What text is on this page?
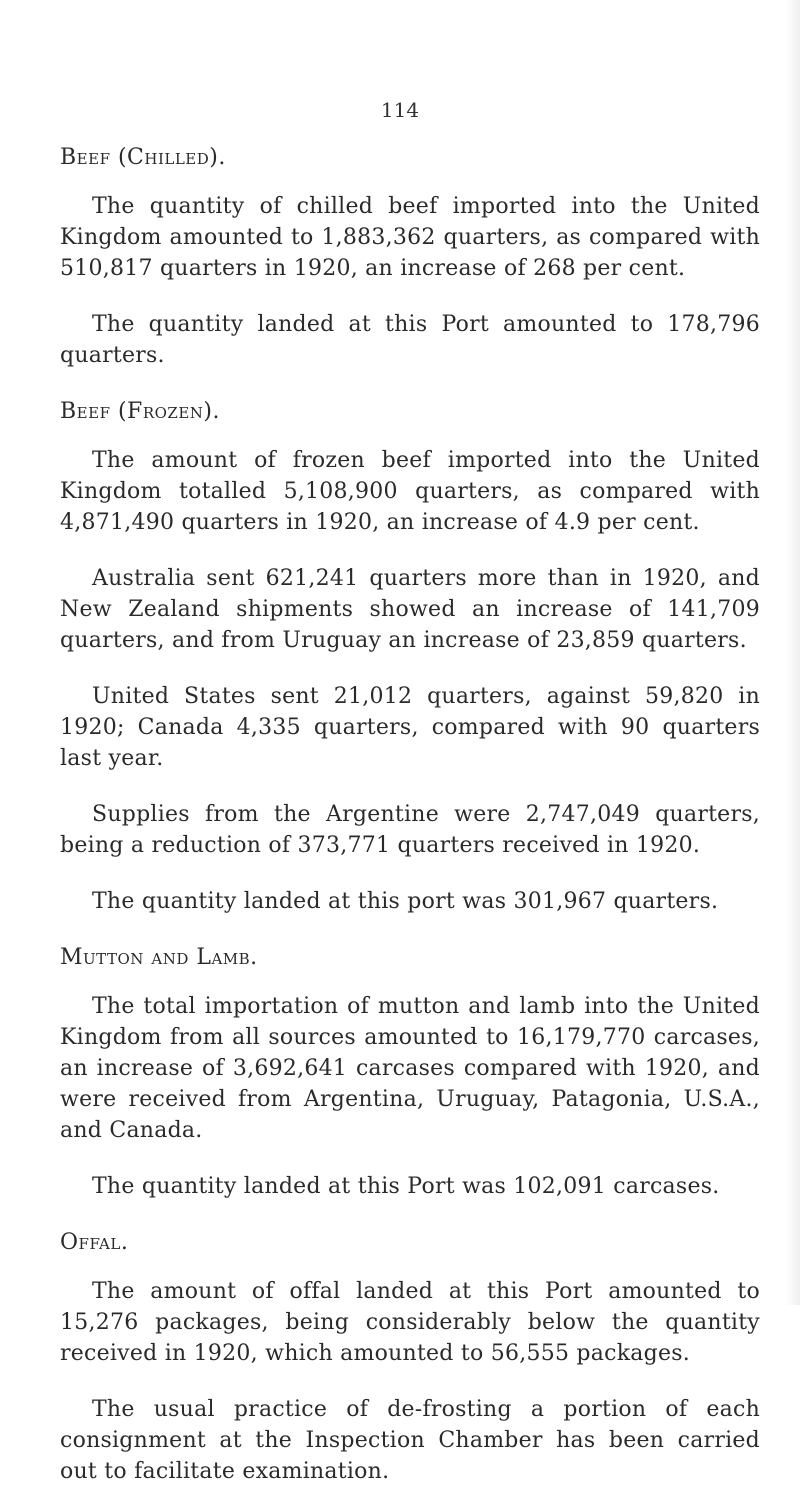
114
Beef (Chilled).

The quantity of chilled beef imported into the United Kingdom amounted to 1,883,362 quarters, as compared with 510,817 quarters in 1920, an increase of 268 per cent.

The quantity landed at this Port amounted to 178,796 quarters.

Beef (Frozen).

The amount of frozen beef imported into the United Kingdom totalled 5,108,900 quarters, as compared with 4,871,490 quarters in 1920, an increase of 4.9 per cent.

Australia sent 621,241 quarters more than in 1920, and New Zealand shipments showed an increase of 141,709 quarters, and from Uruguay an increase of 23,859 quarters.

United States sent 21,012 quarters, against 59,820 in 1920; Canada 4,335 quarters, compared with 90 quarters last year.

Supplies from the Argentine were 2,747,049 quarters, being a reduction of 373,771 quarters received in 1920.

The quantity landed at this port was 301,967 quarters.

Mutton and Lamb.

The total importation of mutton and lamb into the United Kingdom from all sources amounted to 16,179,770 carcases, an increase of 3,692,641 carcases compared with 1920, and were received from Argentina, Uruguay, Patagonia, U.S.A., and Canada.

The quantity landed at this Port was 102,091 carcases.

Offal.

The amount of offal landed at this Port amounted to 15,276 packages, being considerably below the quantity received in 1920, which amounted to 56,555 packages.

The usual practice of de-frosting a portion of each consignment at the Inspection Chamber has been carried out to facilitate examination.
